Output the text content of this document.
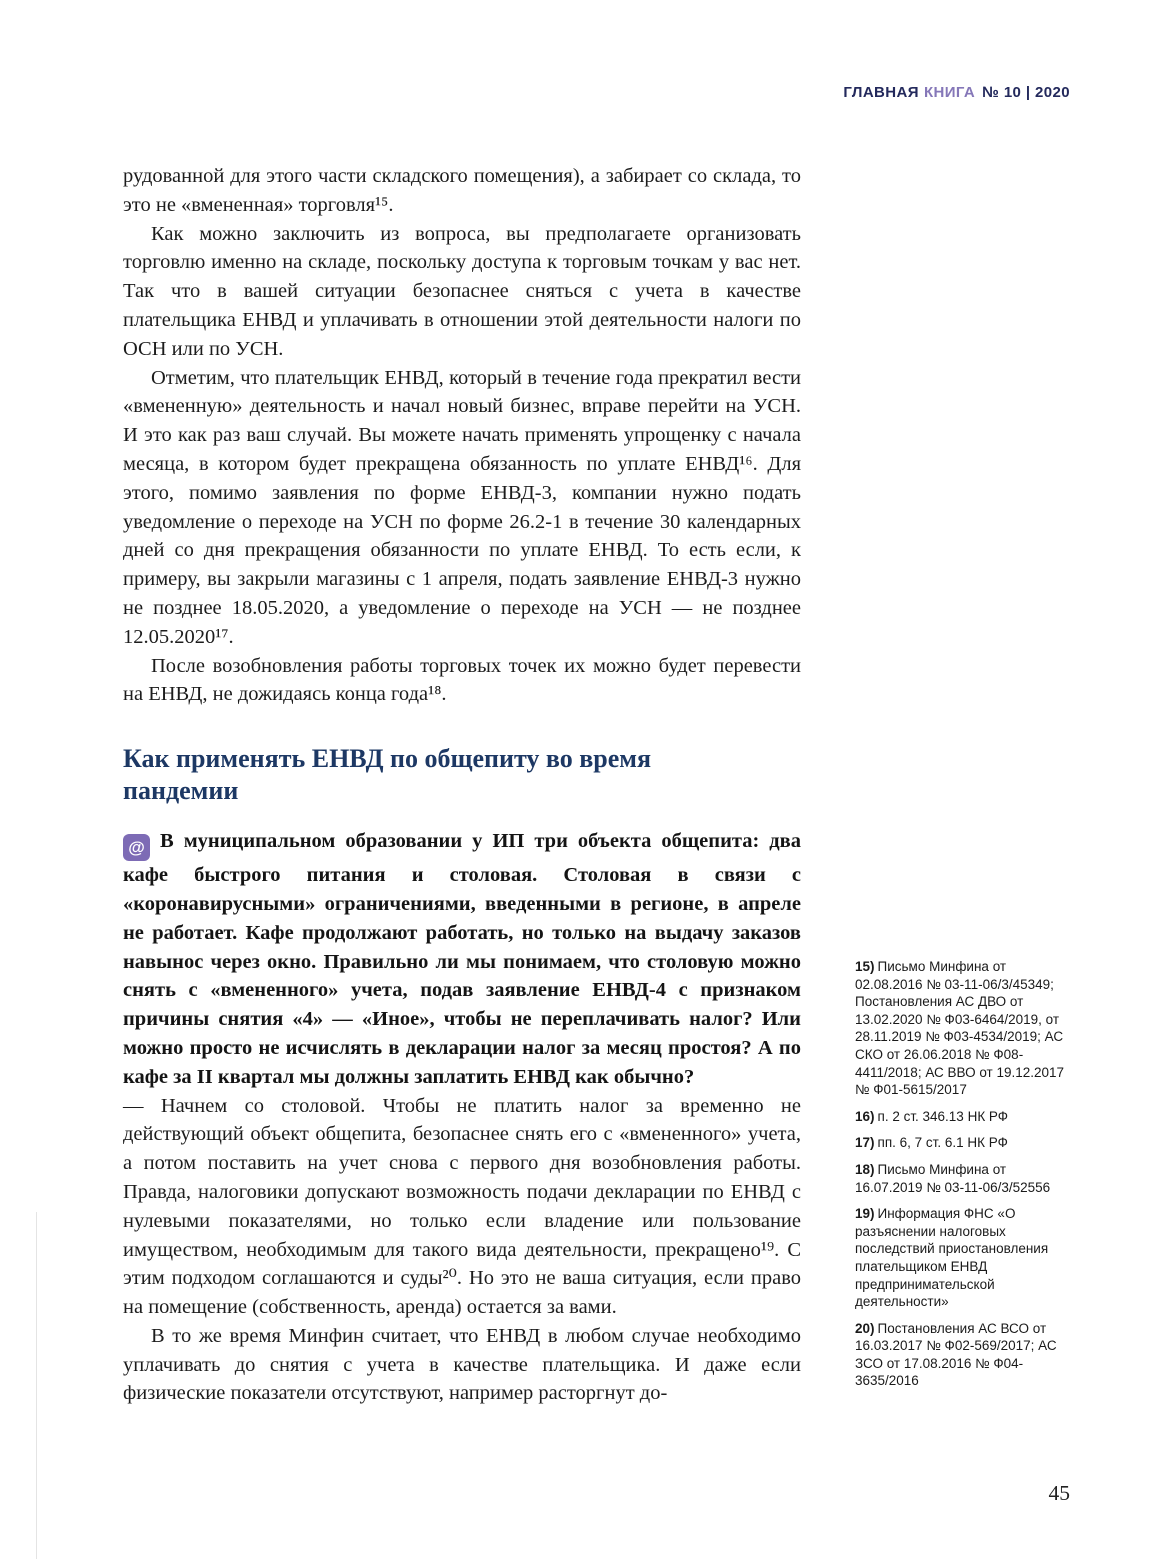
ГЛАВНАЯ КНИГА № 10 | 2020

рудованной для этого части складского помещения), а забирает со склада, то это не «вмененная» торговля¹⁵.

Как можно заключить из вопроса, вы предполагаете организовать торговлю именно на складе, поскольку доступа к торговым точкам у вас нет. Так что в вашей ситуации безопаснее сняться с учета в качестве плательщика ЕНВД и уплачивать в отношении этой деятельности налоги по ОСН или по УСН.

Отметим, что плательщик ЕНВД, который в течение года прекратил вести «вмененную» деятельность и начал новый бизнес, вправе перейти на УСН. И это как раз ваш случай. Вы можете начать применять упрощенку с начала месяца, в котором будет прекращена обязанность по уплате ЕНВД¹⁶. Для этого, помимо заявления по форме ЕНВД-3, компании нужно подать уведомление о переходе на УСН по форме 26.2-1 в течение 30 календарных дней со дня прекращения обязанности по уплате ЕНВД. То есть если, к примеру, вы закрыли магазины с 1 апреля, подать заявление ЕНВД-3 нужно не позднее 18.05.2020, а уведомление о переходе на УСН — не позднее 12.05.2020¹⁷.

После возобновления работы торговых точек их можно будет перевести на ЕНВД, не дожидаясь конца года¹⁸.

Как применять ЕНВД по общепиту во время пандемии

@ В муниципальном образовании у ИП три объекта общепита: два кафе быстрого питания и столовая. Столовая в связи с «коронавирусными» ограничениями, введенными в регионе, в апреле не работает. Кафе продолжают работать, но только на выдачу заказов навынос через окно. Правильно ли мы понимаем, что столовую можно снять с «вмененного» учета, подав заявление ЕНВД-4 с признаком причины снятия «4» — «Иное», чтобы не переплачивать налог? Или можно просто не исчислять в декларации налог за месяц простоя? А по кафе за II квартал мы должны заплатить ЕНВД как обычно?

— Начнем со столовой. Чтобы не платить налог за временно не действующий объект общепита, безопаснее снять его с «вмененного» учета, а потом поставить на учет снова с первого дня возобновления работы. Правда, налоговики допускают возможность подачи декларации по ЕНВД с нулевыми показателями, но только если владение или пользование имуществом, необходимым для такого вида деятельности, прекращено¹⁹. С этим подходом соглашаются и суды²⁰. Но это не ваша ситуация, если право на помещение (собственность, аренда) остается за вами.

В то же время Минфин считает, что ЕНВД в любом случае необходимо уплачивать до снятия с учета в качестве плательщика. И даже если физические показатели отсутствуют, например расторгнут до-

15) Письмо Минфина от 02.08.2016 № 03-11-06/3/45349; Постановления АС ДВО от 13.02.2020 № Ф03-6464/2019, от 28.11.2019 № Ф03-4534/2019; АС СКО от 26.06.2018 № Ф08-4411/2018; АС ВВО от 19.12.2017 № Ф01-5615/2017
16) п. 2 ст. 346.13 НК РФ
17) пп. 6, 7 ст. 6.1 НК РФ
18) Письмо Минфина от 16.07.2019 № 03-11-06/3/52556
19) Информация ФНС «О разъяснении налоговых последствий приостановления плательщиком ЕНВД предпринимательской деятельности»
20) Постановления АС ВСО от 16.03.2017 № Ф02-569/2017; АС ЗСО от 17.08.2016 № Ф04-3635/2016
45
